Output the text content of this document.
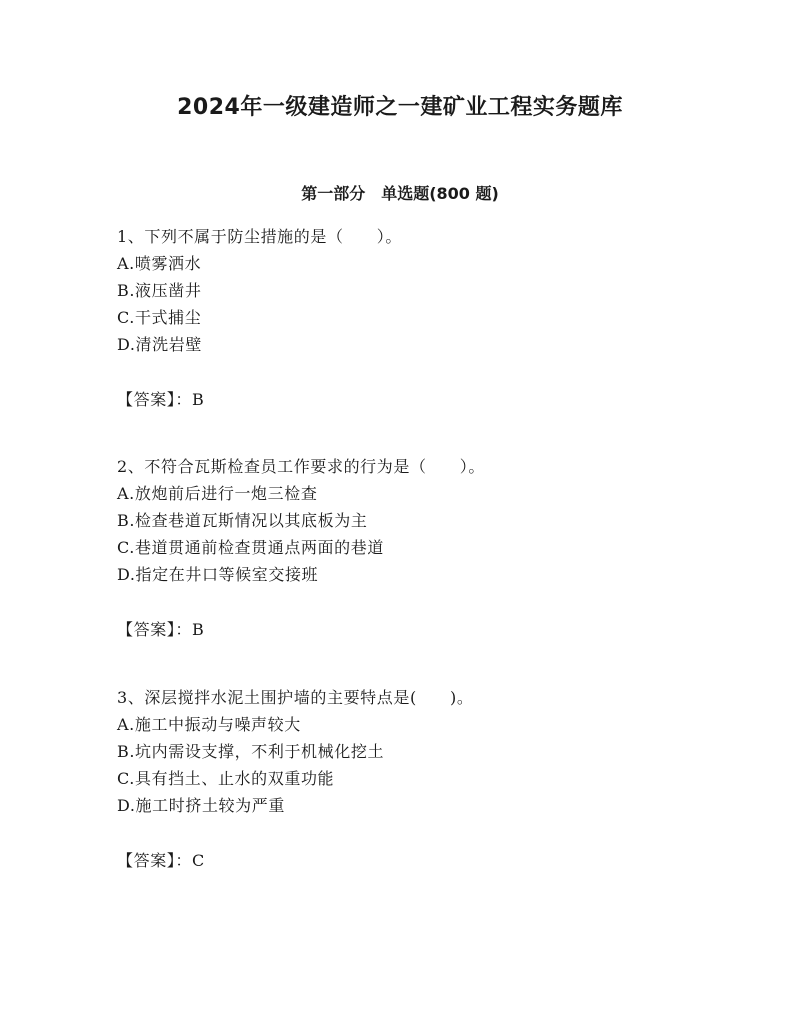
2024年一级建造师之一建矿业工程实务题库
第一部分　单选题(800 题)
1、下列不属于防尘措施的是（　　）。
A.喷雾洒水
B.液压凿井
C.干式捕尘
D.清洗岩壁
【答案】：B
2、不符合瓦斯检查员工作要求的行为是（　　）。
A.放炮前后进行一炮三检查
B.检查巷道瓦斯情况以其底板为主
C.巷道贯通前检查贯通点两面的巷道
D.指定在井口等候室交接班
【答案】：B
3、深层搅拌水泥土围护墙的主要特点是(　　)。
A.施工中振动与噪声较大
B.坑内需设支撑，不利于机械化挖土
C.具有挡土、止水的双重功能
D.施工时挤土较为严重
【答案】：C
